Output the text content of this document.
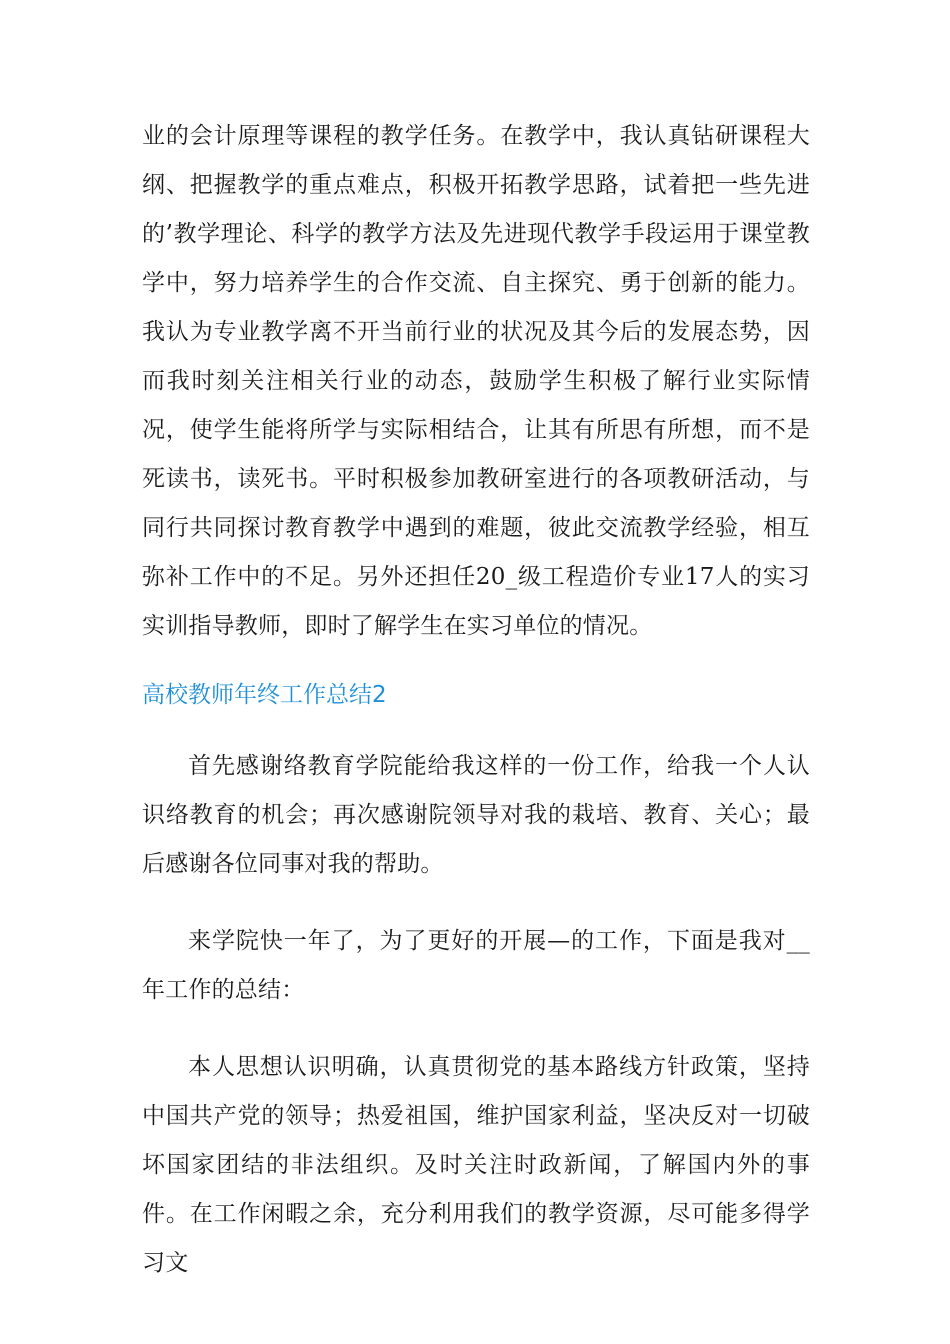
业的会计原理等课程的教学任务。在教学中，我认真钻研课程大纲、把握教学的重点难点，积极开拓教学思路，试着把一些先进的’教学理论、科学的教学方法及先进现代教学手段运用于课堂教学中，努力培养学生的合作交流、自主探究、勇于创新的能力。我认为专业教学离不开当前行业的状况及其今后的发展态势，因而我时刻关注相关行业的动态，鼓励学生积极了解行业实际情况，使学生能将所学与实际相结合，让其有所思有所想，而不是死读书，读死书。平时积极参加教研室进行的各项教研活动，与同行共同探讨教育教学中遇到的难题，彼此交流教学经验，相互弥补工作中的不足。另外还担任20_级工程造价专业17人的实习实训指导教师，即时了解学生在实习单位的情况。

高校教师年终工作总结2

首先感谢络教育学院能给我这样的一份工作，给我一个人认识络教育的机会；再次感谢院领导对我的栽培、教育、关心；最后感谢各位同事对我的帮助。

来学院快一年了，为了更好的开展—的工作，下面是我对__年工作的总结：

本人思想认识明确，认真贯彻党的基本路线方针政策，坚持中国共产党的领导；热爱祖国，维护国家利益，坚决反对一切破坏国家团结的非法组织。及时关注时政新闻，了解国内外的事件。在工作闲暇之余，充分利用我们的教学资源，尽可能多得学习文
